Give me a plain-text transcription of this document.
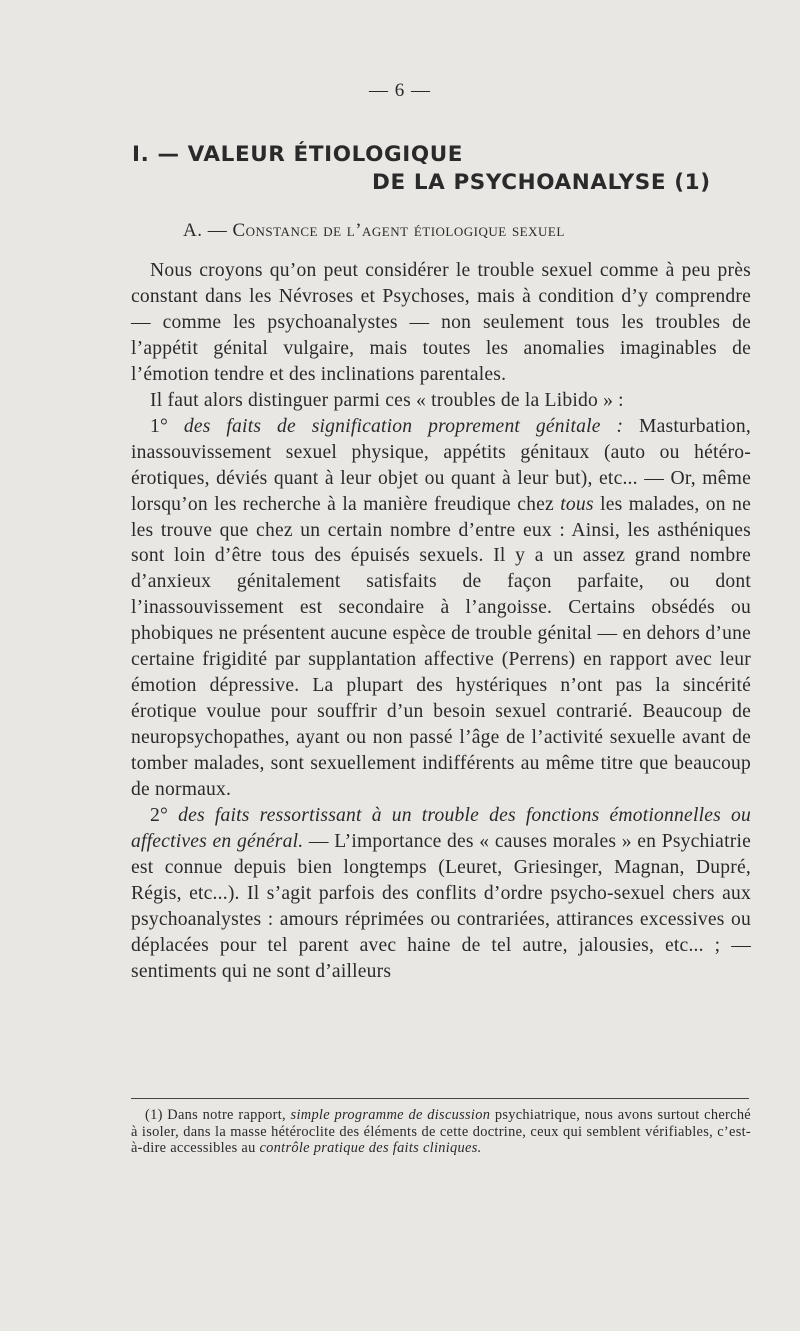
— 6 —
I. — VALEUR ÉTIOLOGIQUE
DE LA PSYCHOANALYSE (1)
A. — Constance de l’agent étiologique sexuel

Nous croyons qu’on peut considérer le trouble sexuel comme à peu près constant dans les Névroses et Psychoses, mais à condition d’y comprendre — comme les psychoanalystes — non seulement tous les troubles de l’appétit génital vulgaire, mais toutes les anomalies imaginables de l’émotion tendre et des inclinations parentales.

Il faut alors distinguer parmi ces « troubles de la Libido » :

1° des faits de signification proprement génitale : Masturbation, inassouvissement sexuel physique, appétits génitaux (auto ou hétéro-érotiques, déviés quant à leur objet ou quant à leur but), etc... — Or, même lorsqu’on les recherche à la manière freudique chez tous les malades, on ne les trouve que chez un certain nombre d’entre eux : Ainsi, les asthéniques sont loin d’être tous des épuisés sexuels. Il y a un assez grand nombre d’anxieux génitalement satisfaits de façon parfaite, ou dont l’inassouvissement est secondaire à l’angoisse. Certains obsédés ou phobiques ne présentent aucune espèce de trouble génital — en dehors d’une certaine frigidité par supplantation affective (Perrens) en rapport avec leur émotion dépressive. La plupart des hystériques n’ont pas la sincérité érotique voulue pour souffrir d’un besoin sexuel contrarié. Beaucoup de neuropsychopathes, ayant ou non passé l’âge de l’activité sexuelle avant de tomber malades, sont sexuellement indifférents au même titre que beaucoup de normaux.

2° des faits ressortissant à un trouble des fonctions émotionnelles ou affectives en général. — L’importance des « causes morales » en Psychiatrie est connue depuis bien longtemps (Leuret, Griesinger, Magnan, Dupré, Régis, etc...). Il s’agit parfois des conflits d’ordre psycho-sexuel chers aux psychoanalystes : amours réprimées ou contrariées, attirances excessives ou déplacées pour tel parent avec haine de tel autre, jalousies, etc... ; — sentiments qui ne sont d’ailleurs

(1) Dans notre rapport, simple programme de discussion psychiatrique, nous avons surtout cherché à isoler, dans la masse hétéroclite des éléments de cette doctrine, ceux qui semblent vérifiables, c’est-à-dire accessibles au contrôle pratique des faits cliniques.
